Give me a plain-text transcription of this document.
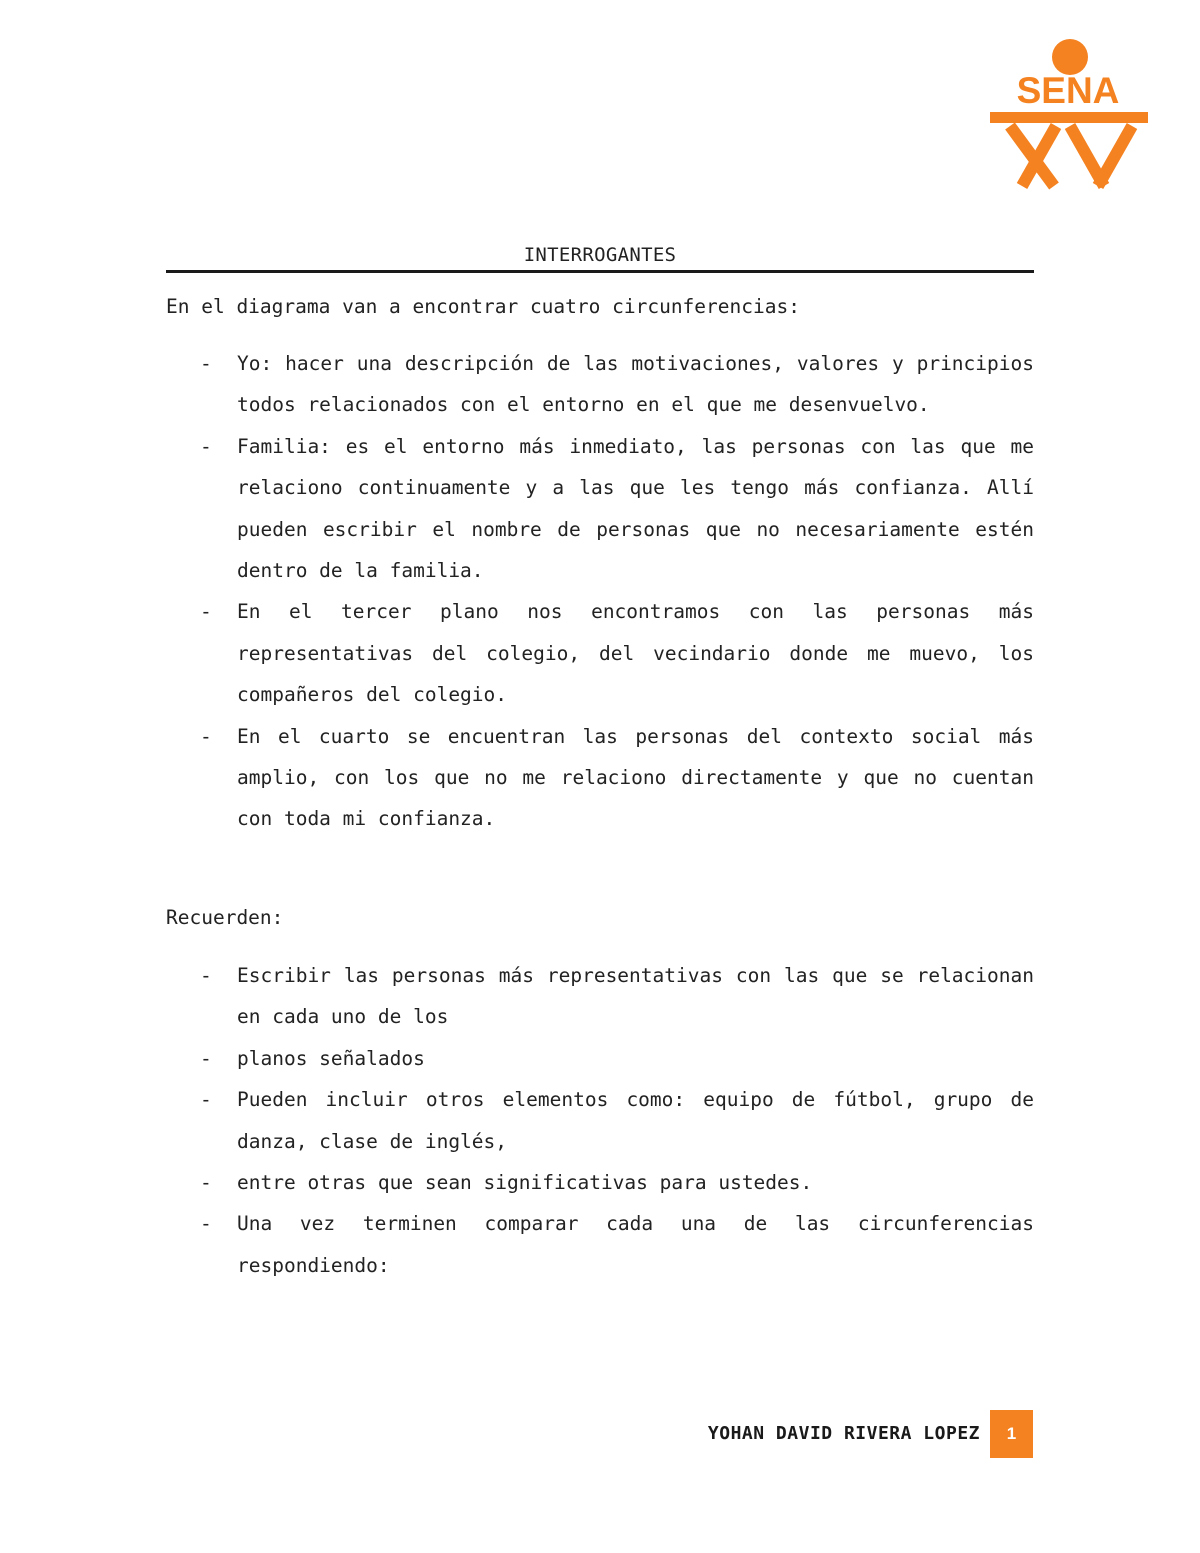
SENA
INTERROGANTES

En el diagrama van a encontrar cuatro circunferencias:

- Yo: hacer una descripción de las motivaciones, valores y principios todos relacionados con el entorno en el que me desenvuelvo.
- Familia: es el entorno más inmediato, las personas con las que me relaciono continuamente y a las que les tengo más confianza. Allí pueden escribir el nombre de personas que no necesariamente estén dentro de la familia.
- En el tercer plano nos encontramos con las personas más representativas del colegio, del vecindario donde me muevo, los compañeros del colegio.
- En el cuarto se encuentran las personas del contexto social más amplio, con los que no me relaciono directamente y que no cuentan con toda mi confianza.

Recuerden:

- Escribir las personas más representativas con las que se relacionan en cada uno de los
- planos señalados
- Pueden incluir otros elementos como: equipo de fútbol, grupo de danza, clase de inglés,
- entre otras que sean significativas para ustedes.
- Una vez terminen comparar cada una de las circunferencias respondiendo:
YOHAN DAVID RIVERA LOPEZ 1
